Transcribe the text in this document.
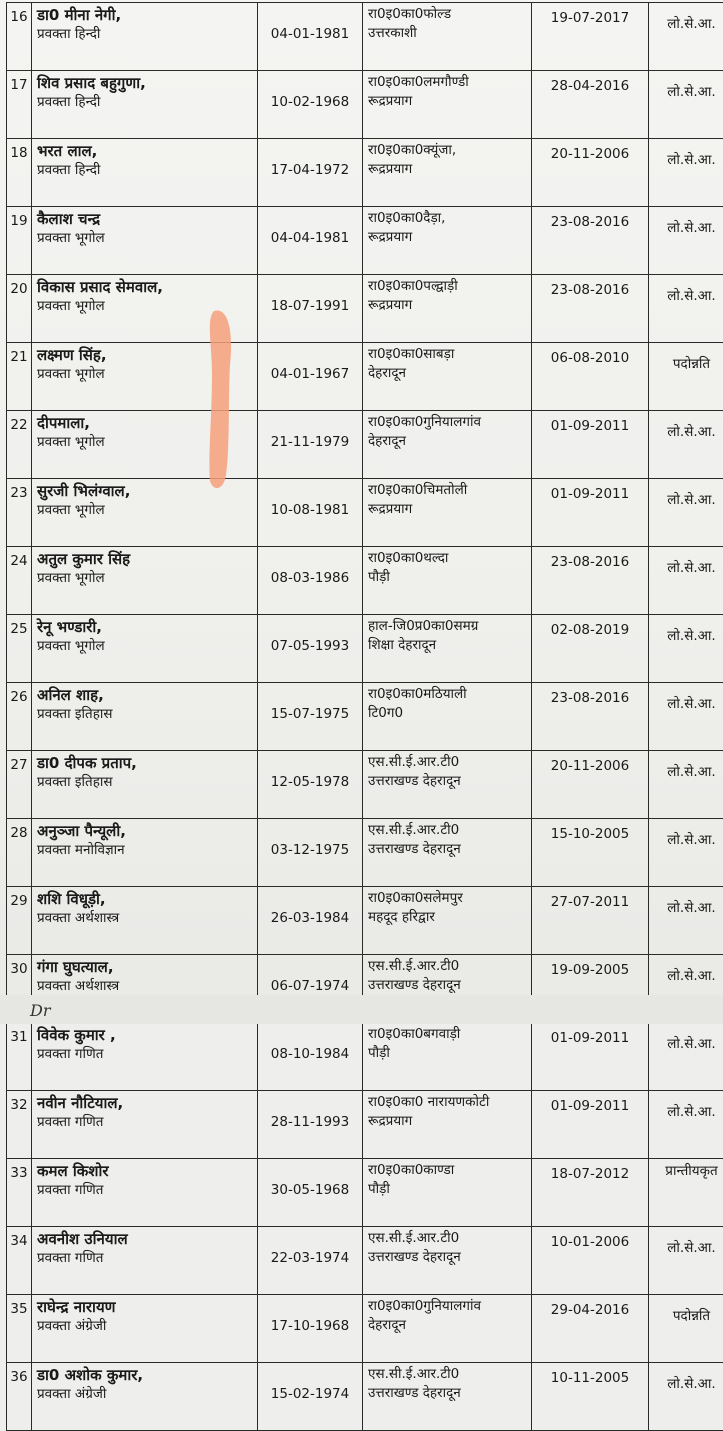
16	डा0 मीना नेगी,
प्रवक्ता हिन्दी	04-01-1981	रा0इ0का0फोल्ड
उत्तरकाशी	19-07-2017	लो.से.आ.
17	शिव प्रसाद बहुगुणा,
प्रवक्ता हिन्दी	10-02-1968	रा0इ0का0लमगौण्डी
रूद्रप्रयाग	28-04-2016	लो.से.आ.
18	भरत लाल,
प्रवक्ता हिन्दी	17-04-1972	रा0इ0का0क्यूंजा,
रूद्रप्रयाग	20-11-2006	लो.से.आ.
19	कैलाश चन्द्र
प्रवक्ता भूगोल	04-04-1981	रा0इ0का0दैड़ा,
रूद्रप्रयाग	23-08-2016	लो.से.आ.
20	विकास प्रसाद सेमवाल,
प्रवक्ता भूगोल	18-07-1991	रा0इ0का0पल्द्वाड़ी
रूद्रप्रयाग	23-08-2016	लो.से.आ.
21	लक्ष्मण सिंह,
प्रवक्ता भूगोल	04-01-1967	रा0इ0का0साबड़ा
देहरादून	06-08-2010	पदोन्नति
22	दीपमाला,
प्रवक्ता भूगोल	21-11-1979	रा0इ0का0गुनियालगांव
देहरादून	01-09-2011	लो.से.आ.
23	सुरजी भिलंग्वाल,
प्रवक्ता भूगोल	10-08-1981	रा0इ0का0चिमतोली
रूद्रप्रयाग	01-09-2011	लो.से.आ.
24	अतुल कुमार सिंह
प्रवक्ता भूगोल	08-03-1986	रा0इ0का0थल्दा
पौड़ी	23-08-2016	लो.से.आ.
25	रेनू भण्डारी,
प्रवक्ता भूगोल	07-05-1993	हाल-जि0प्र0का0समग्र
शिक्षा देहरादून	02-08-2019	लो.से.आ.
26	अनिल शाह,
प्रवक्ता इतिहास	15-07-1975	रा0इ0का0मठियाली
टि0ग0	23-08-2016	लो.से.आ.
27	डा0 दीपक प्रताप,
प्रवक्ता इतिहास	12-05-1978	एस.सी.ई.आर.टी0
उत्तराखण्ड देहरादून	20-11-2006	लो.से.आ.
28	अनुञ्जा पैन्यूली,
प्रवक्ता मनोविज्ञान	03-12-1975	एस.सी.ई.आर.टी0
उत्तराखण्ड देहरादून	15-10-2005	लो.से.आ.
29	शशि विधूड़ी,
प्रवक्ता अर्थशास्त्र	26-03-1984	रा0इ0का0सलेमपुर
महदूद हरिद्वार	27-07-2011	लो.से.आ.
30	गंगा घुघत्याल,
प्रवक्ता अर्थशास्त्र	06-07-1974	एस.सी.ई.आर.टी0
उत्तराखण्ड देहरादून	19-09-2005	लो.से.आ.
31	विवेक कुमार ,
प्रवक्ता गणित	08-10-1984	रा0इ0का0बगवाड़ी
पौड़ी	01-09-2011	लो.से.आ.
32	नवीन नौटियाल,
प्रवक्ता गणित	28-11-1993	रा0इ0का0 नारायणकोटी
रूद्रप्रयाग	01-09-2011	लो.से.आ.
33	कमल किशोर
प्रवक्ता गणित	30-05-1968	रा0इ0का0काण्डा
पौड़ी	18-07-2012	प्रान्तीयकृत
34	अवनीश उनियाल
प्रवक्ता गणित	22-03-1974	एस.सी.ई.आर.टी0
उत्तराखण्ड देहरादून	10-01-2006	लो.से.आ.
35	राघेन्द्र नारायण
प्रवक्ता अंग्रेजी	17-10-1968	रा0इ0का0गुनियालगांव
देहरादून	29-04-2016	पदोन्नति
36	डा0 अशोक कुमार,
प्रवक्ता अंग्रेजी	15-02-1974	एस.सी.ई.आर.टी0
उत्तराखण्ड देहरादून	10-11-2005	लो.से.आ.
Dr
